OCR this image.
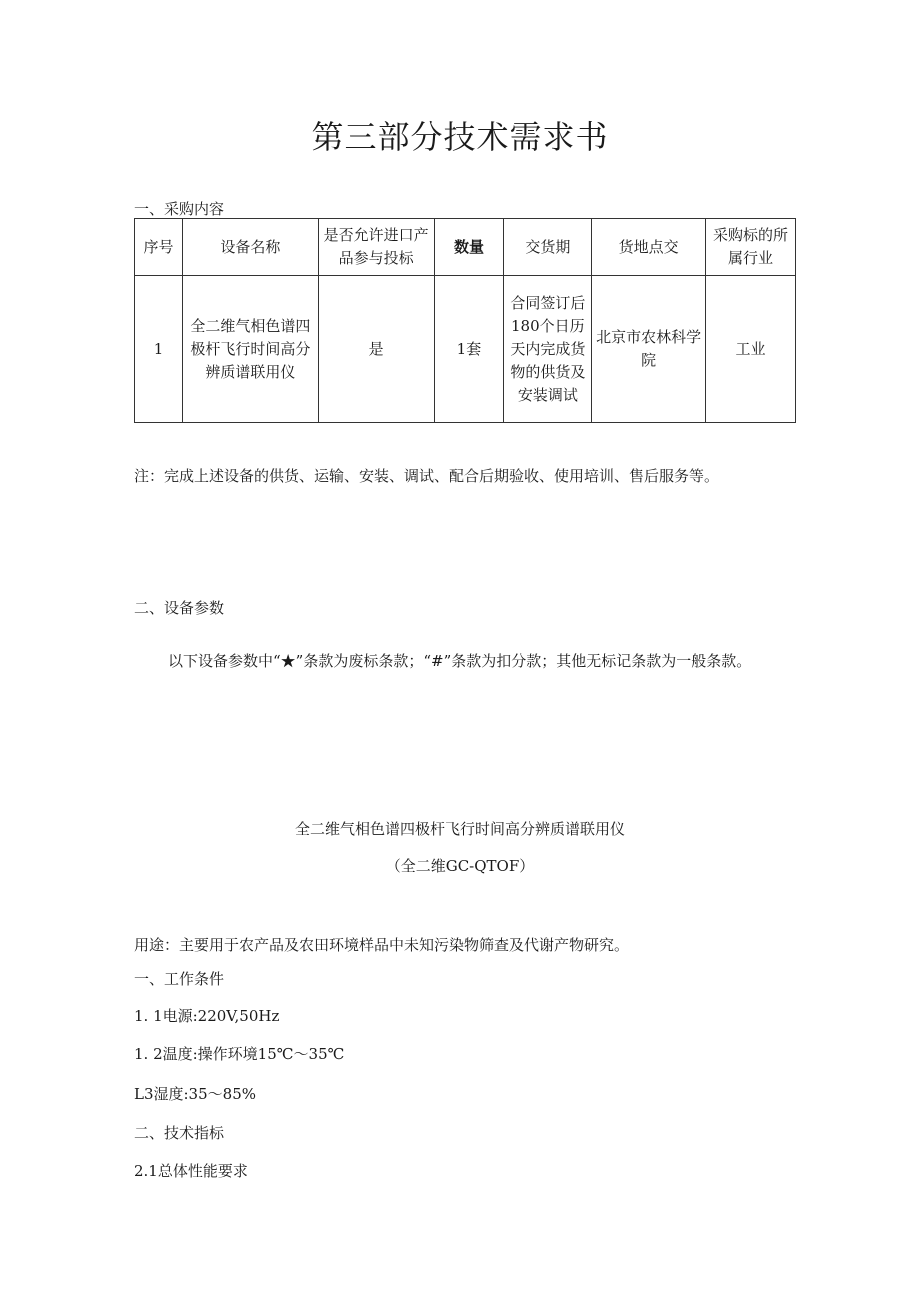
第三部分技术需求书
一、采购内容
序号	设备名称	是否允许进口产品参与投标	数量	交货期	货地点交	采购标的所属行业
1	全二维气相色谱四极杆飞行时间高分辨质谱联用仪	是	1套	合同签订后180个日历天内完成货物的供货及安装调试	北京市农林科学院	工业
注：完成上述设备的供货、运输、安装、调试、配合后期验收、使用培训、售后服务等。
二、设备参数
以下设备参数中“★”条款为废标条款；“#”条款为扣分款；其他无标记条款为一般条款。
全二维气相色谱四极杆飞行时间高分辨质谱联用仪
（全二维GC-QTOF）
用途：主要用于农产品及农田环境样品中未知污染物筛查及代谢产物研究。
一、工作条件
1. 1电源:220V,50Hz
1. 2温度:操作环境15℃～35℃
L3湿度:35～85%
二、技术指标
2.1总体性能要求
